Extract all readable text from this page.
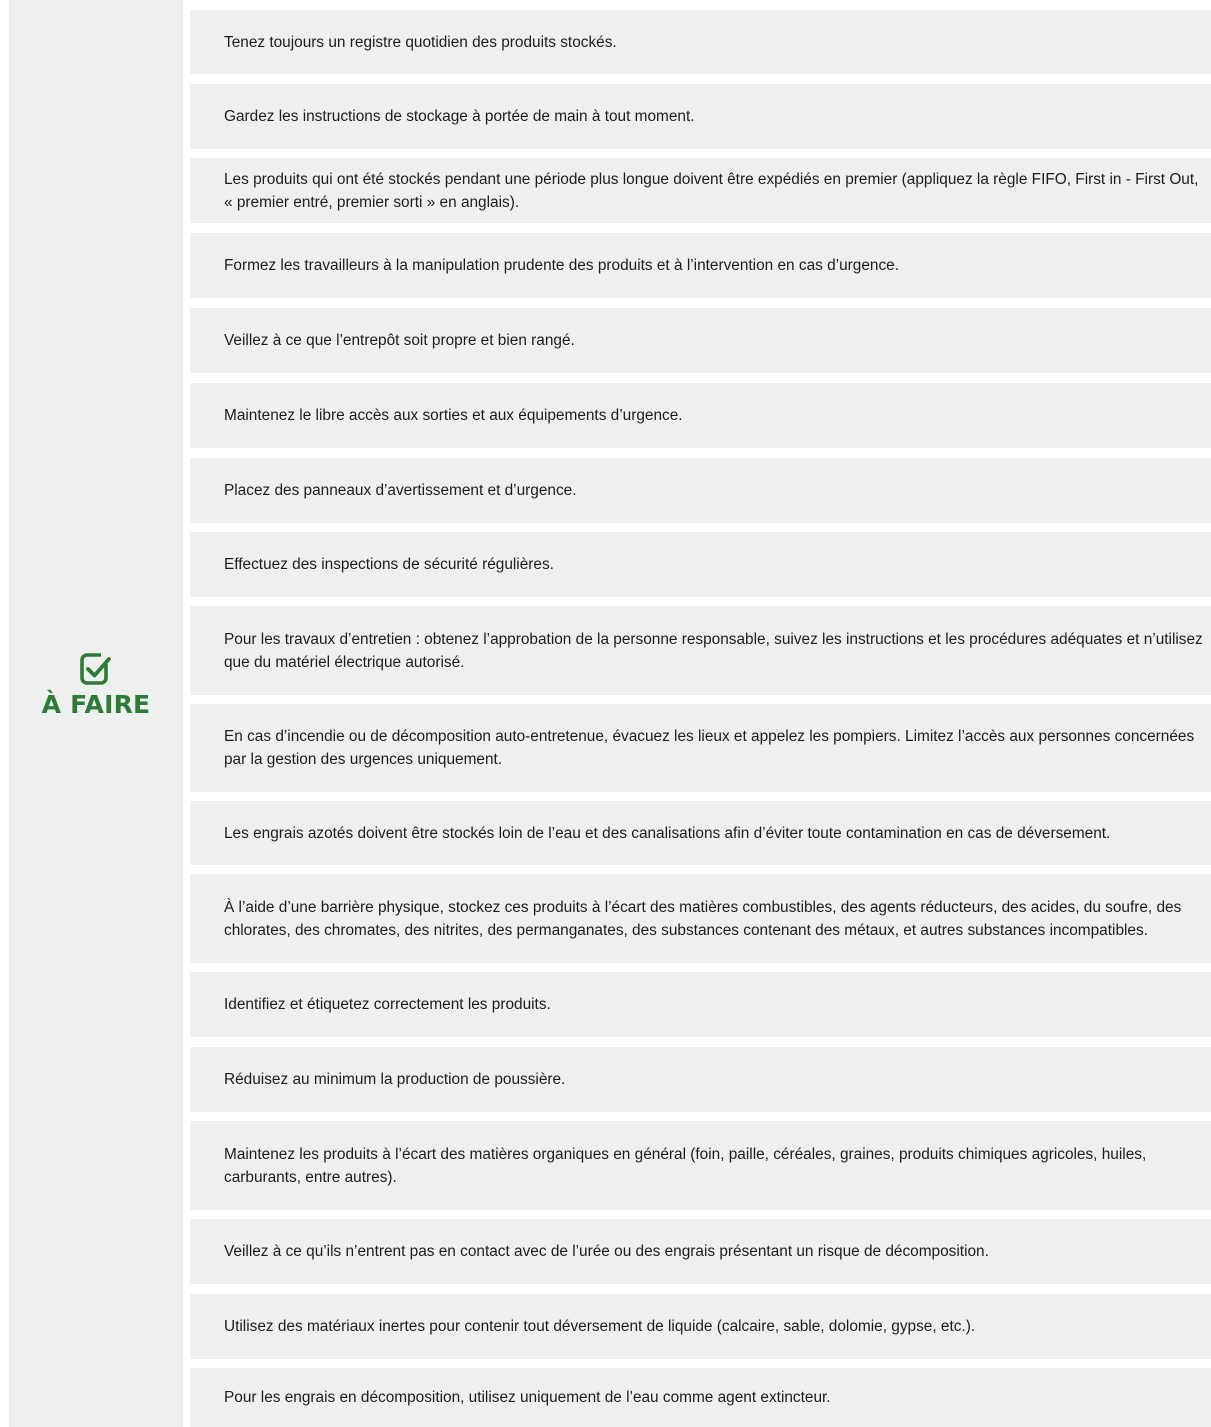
À FAIRE
Tenez toujours un registre quotidien des produits stockés.
Gardez les instructions de stockage à portée de main à tout moment.
Les produits qui ont été stockés pendant une période plus longue doivent être expédiés en premier (appliquez la règle FIFO, First in - First Out, « premier entré, premier sorti » en anglais).
Formez les travailleurs à la manipulation prudente des produits et à l’intervention en cas d’urgence.
Veillez à ce que l’entrepôt soit propre et bien rangé.
Maintenez le libre accès aux sorties et aux équipements d’urgence.
Placez des panneaux d’avertissement et d’urgence.
Effectuez des inspections de sécurité régulières.
Pour les travaux d’entretien : obtenez l’approbation de la personne responsable, suivez les instructions et les procédures adéquates et n’utilisez que du matériel électrique autorisé.
En cas d’incendie ou de décomposition auto-entretenue, évacuez les lieux et appelez les pompiers. Limitez l’accès aux personnes concernées par la gestion des urgences uniquement.
Les engrais azotés doivent être stockés loin de l’eau et des canalisations afin d’éviter toute contamination en cas de déversement.
À l’aide d’une barrière physique, stockez ces produits à l’écart des matières combustibles, des agents réducteurs, des acides, du soufre, des chlorates, des chromates, des nitrites, des permanganates, des substances contenant des métaux, et autres substances incompatibles.
Identifiez et étiquetez correctement les produits.
Réduisez au minimum la production de poussière.
Maintenez les produits à l’écart des matières organiques en général (foin, paille, céréales, graines, produits chimiques agricoles, huiles, carburants, entre autres).
Veillez à ce qu’ils n’entrent pas en contact avec de l’urée ou des engrais présentant un risque de décomposition.
Utilisez des matériaux inertes pour contenir tout déversement de liquide (calcaire, sable, dolomie, gypse, etc.).
Pour les engrais en décomposition, utilisez uniquement de l’eau comme agent extincteur.
